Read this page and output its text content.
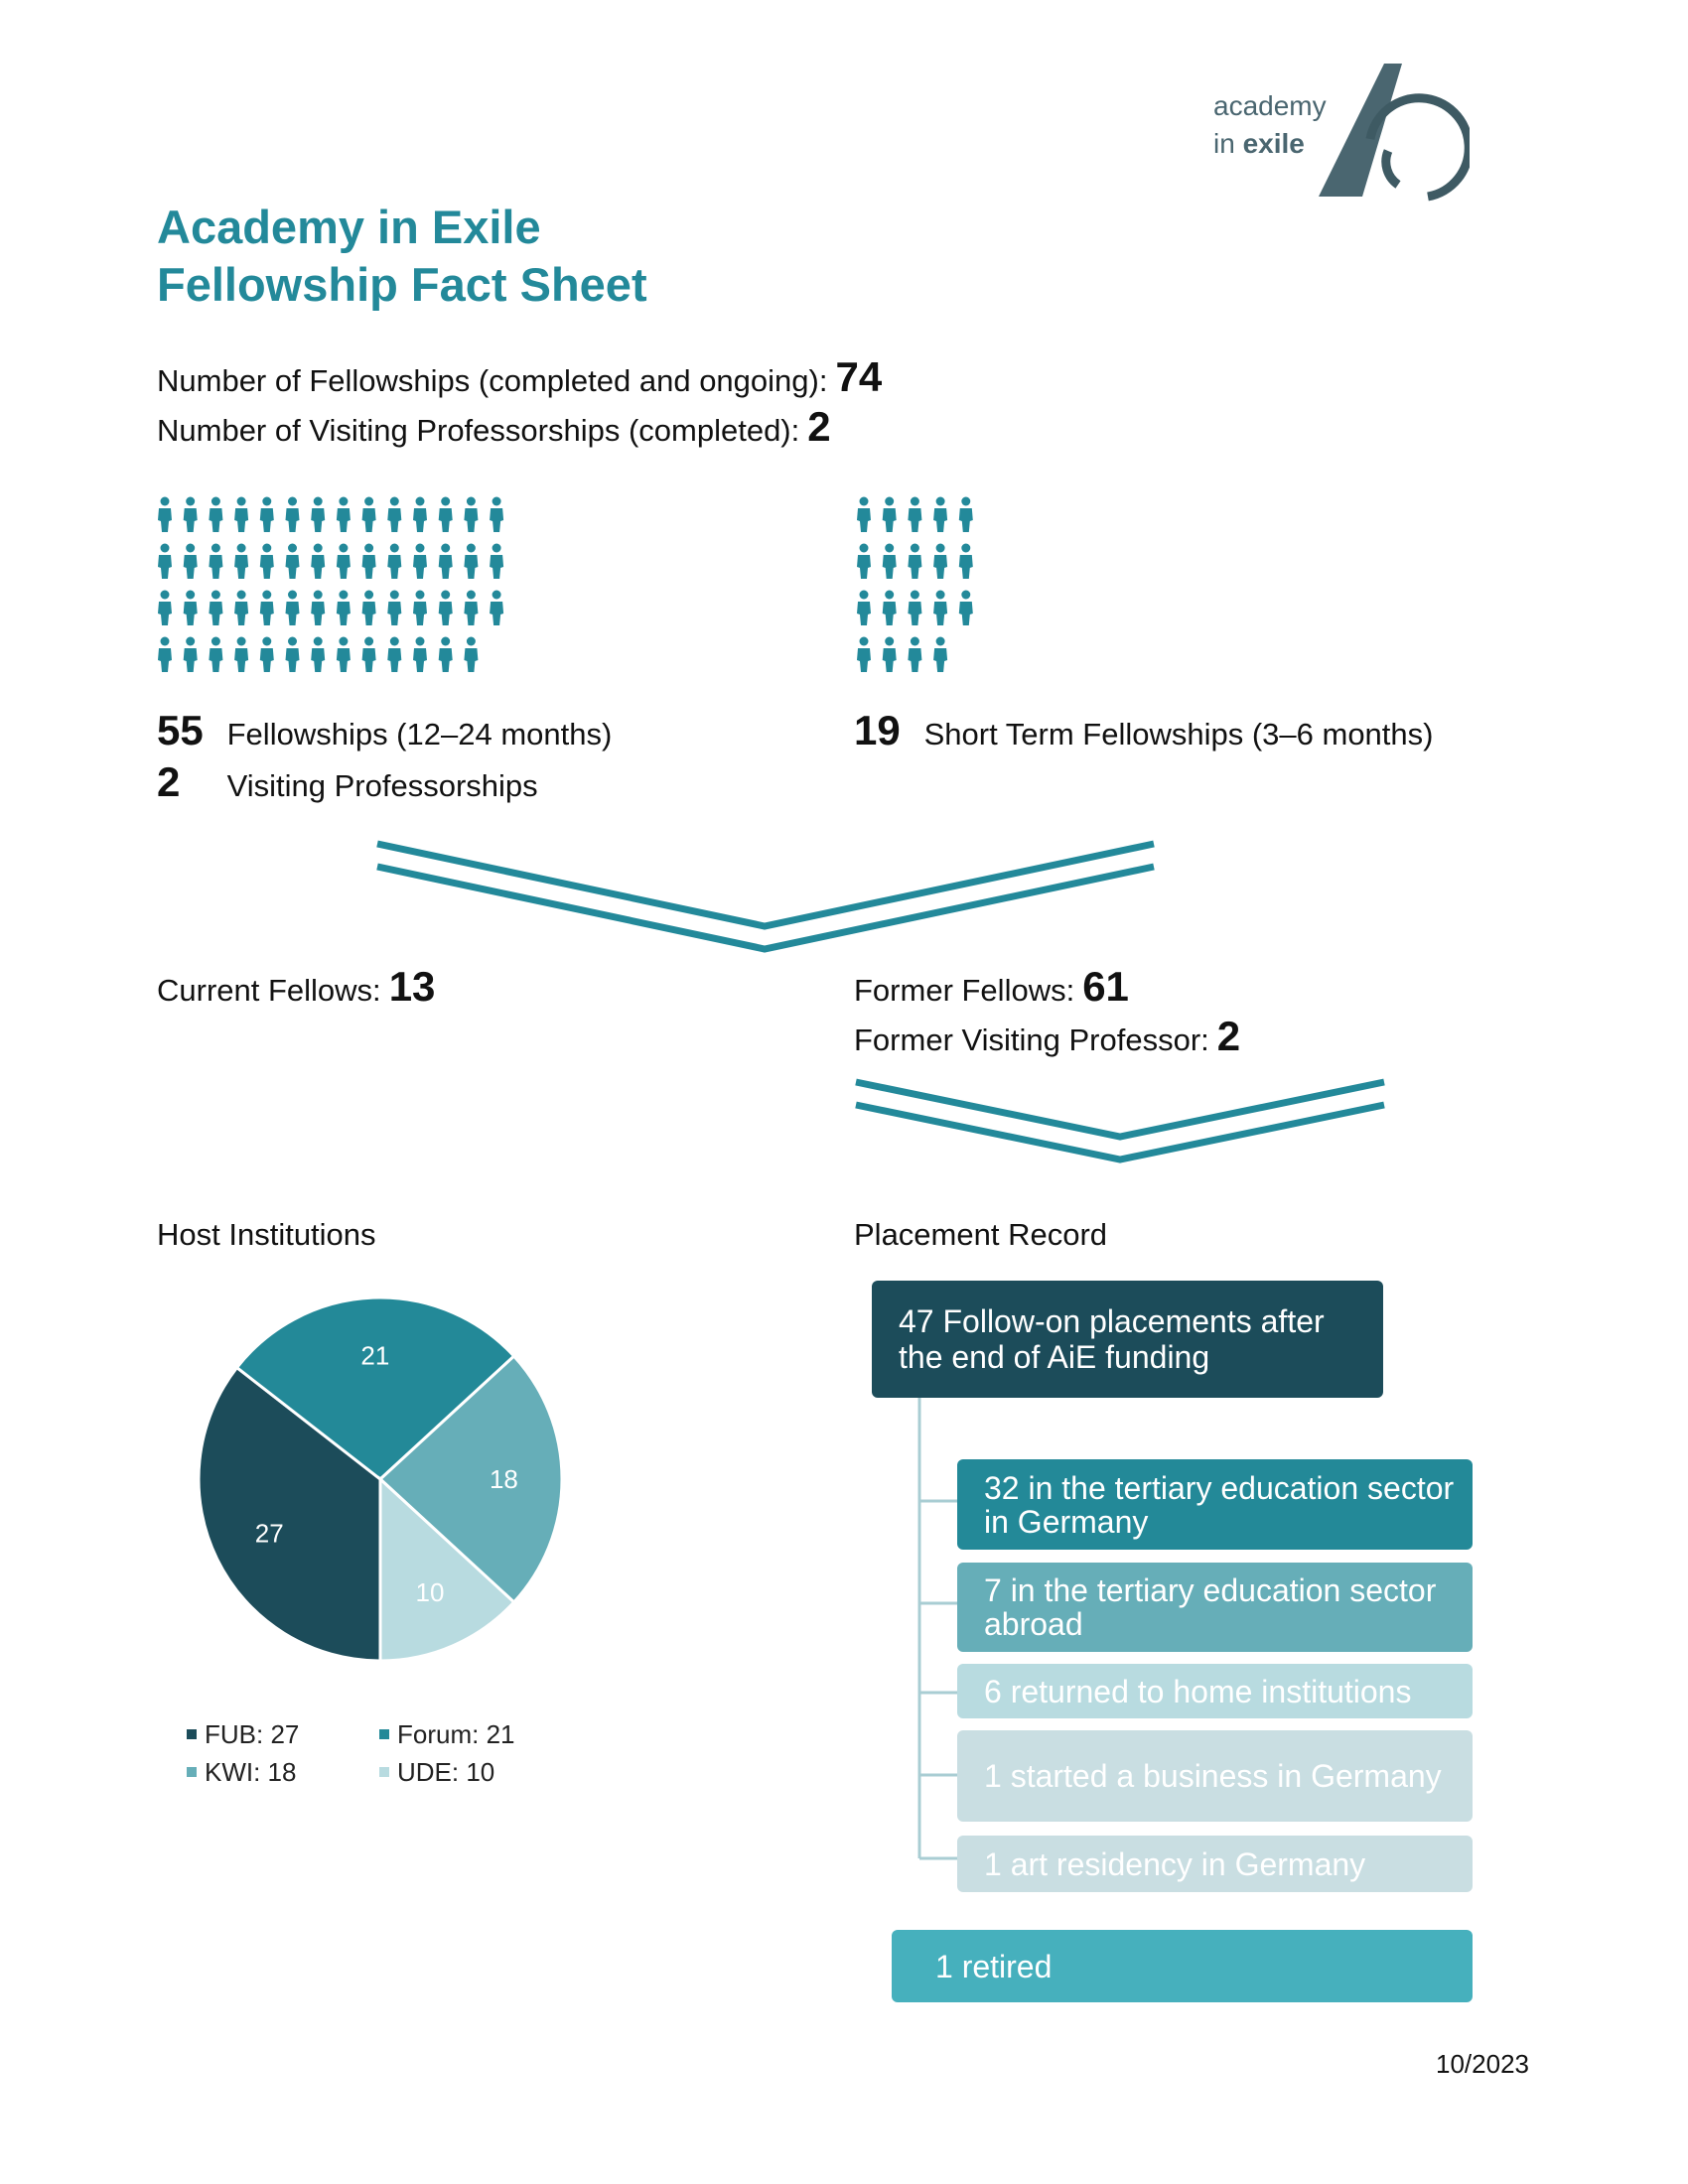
academy
in exile
Academy in Exile
Fellowship Fact Sheet
Number of Fellowships (completed and ongoing): 74
Number of Visiting Professorships (completed): 2
55 Fellowships (12–24 months)
2 Visiting Professorships
19 Short Term Fellowships (3–6 months)
Current Fellows: 13	Former Fellows: 61
Former Visiting Professor: 2
Host Institutions
27
21
18
10
FUB: 27	Forum: 21
KWI: 18	UDE: 10
Placement Record
47 Follow-on placements after the end of AiE funding
32 in the tertiary education sector in Germany
7 in the tertiary education sector abroad
6 returned to home institutions
1 started a business in Germany
1 art residency in Germany
1 retired
10/2023
